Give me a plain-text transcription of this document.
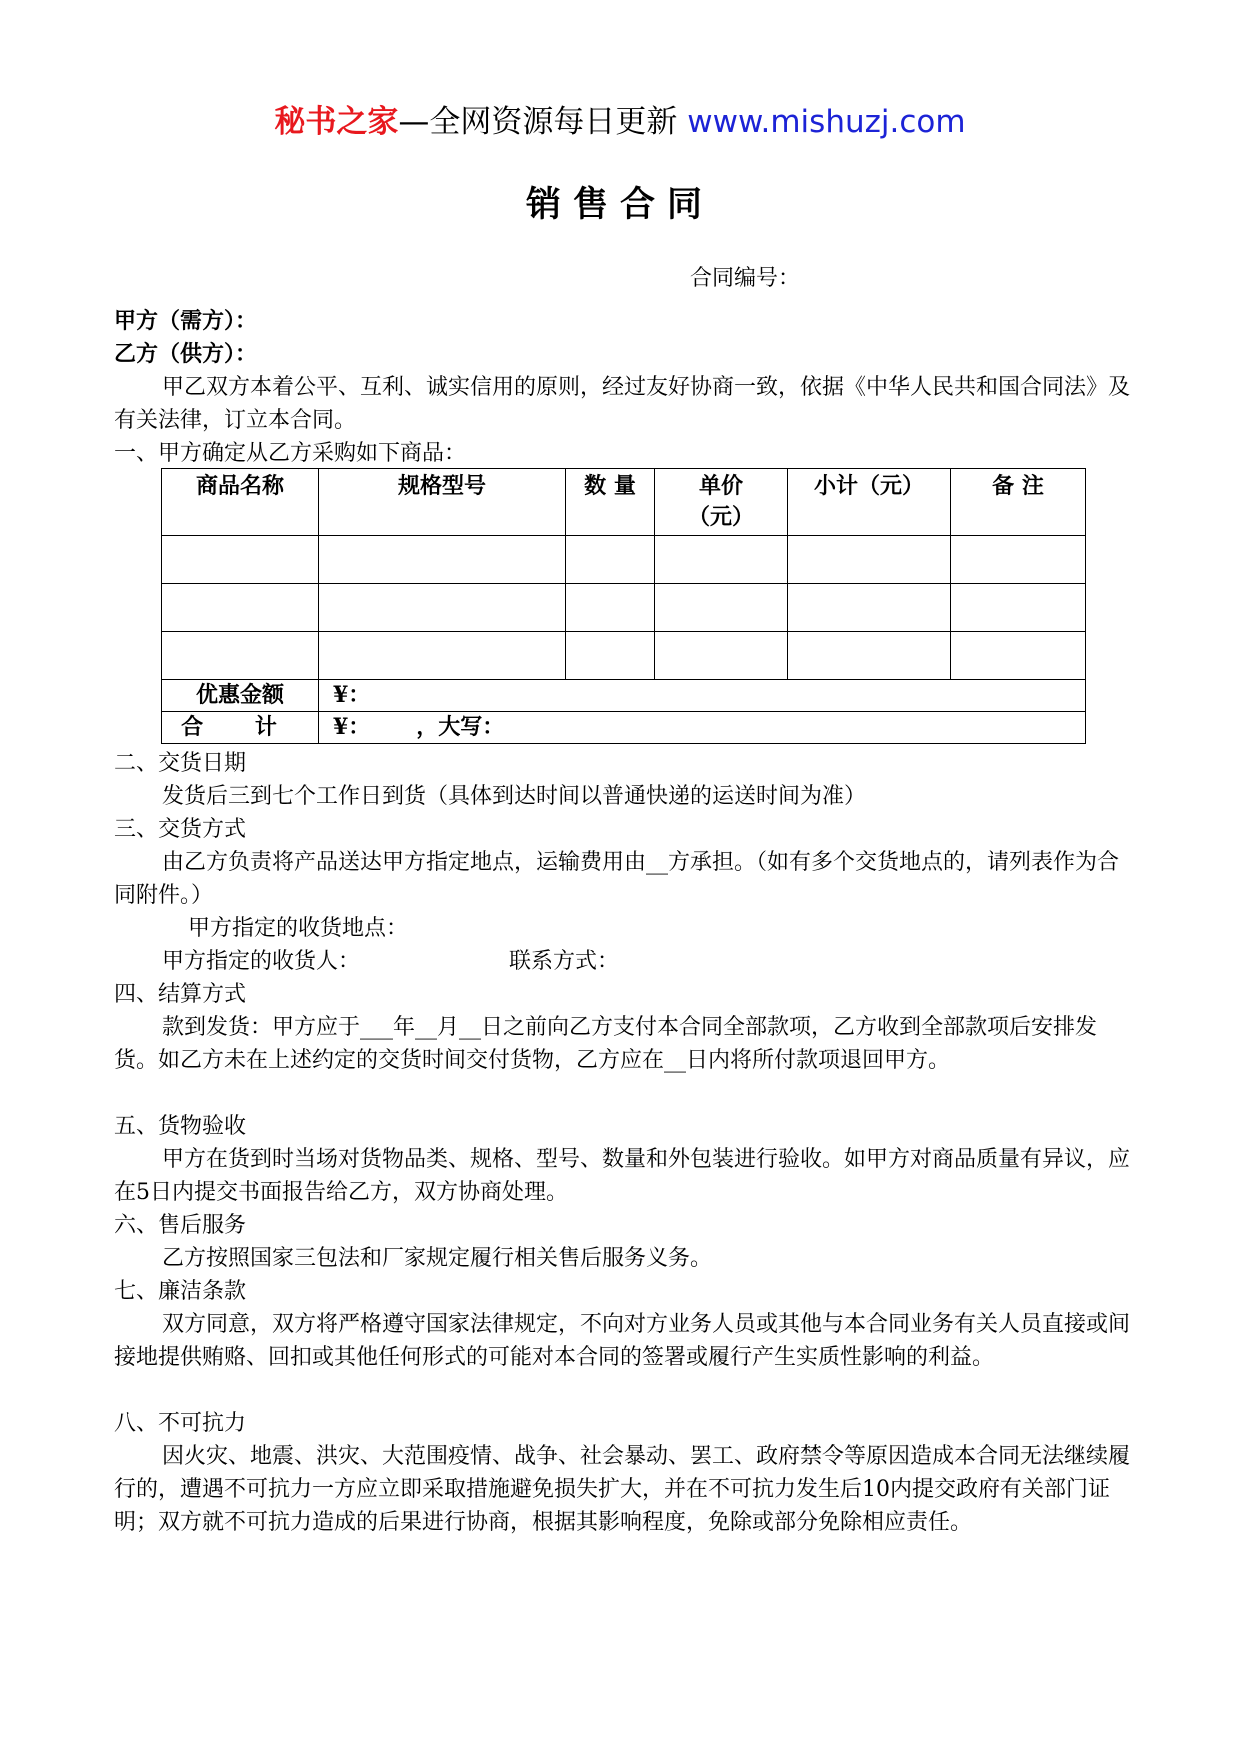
秘书之家—全网资源每日更新 www.mishuzj.com
销售合同
合同编号：
甲方（需方）：
乙方（供方）：
甲乙双方本着公平、互利、诚实信用的原则，经过友好协商一致，依据《中华人民共和国合同法》及有关法律，订立本合同。
一、甲方确定从乙方采购如下商品：
商品名称	规格型号	数 量	单价（元）	小计（元）	备 注

优惠金额	¥：				
合 计	¥：      ，大写：				
二、交货日期
发货后三到七个工作日到货（具体到达时间以普通快递的运送时间为准）
三、交货方式
由乙方负责将产品送达甲方指定地点，运输费用由__方承担。（如有多个交货地点的，请列表作为合同附件。）
甲方指定的收货地点：
甲方指定的收货人：	联系方式：
四、结算方式
款到发货：甲方应于___年__月__日之前向乙方支付本合同全部款项，乙方收到全部款项后安排发货。如乙方未在上述约定的交货时间交付货物，乙方应在__日内将所付款项退回甲方。
五、货物验收
甲方在货到时当场对货物品类、规格、型号、数量和外包装进行验收。如甲方对商品质量有异议，应在5日内提交书面报告给乙方，双方协商处理。
六、售后服务
乙方按照国家三包法和厂家规定履行相关售后服务义务。
七、廉洁条款
双方同意，双方将严格遵守国家法律规定，不向对方业务人员或其他与本合同业务有关人员直接或间接地提供贿赂、回扣或其他任何形式的可能对本合同的签署或履行产生实质性影响的利益。
八、不可抗力
因火灾、地震、洪灾、大范围疫情、战争、社会暴动、罢工、政府禁令等原因造成本合同无法继续履行的，遭遇不可抗力一方应立即采取措施避免损失扩大，并在不可抗力发生后10内提交政府有关部门证明；双方就不可抗力造成的后果进行协商，根据其影响程度，免除或部分免除相应责任。
